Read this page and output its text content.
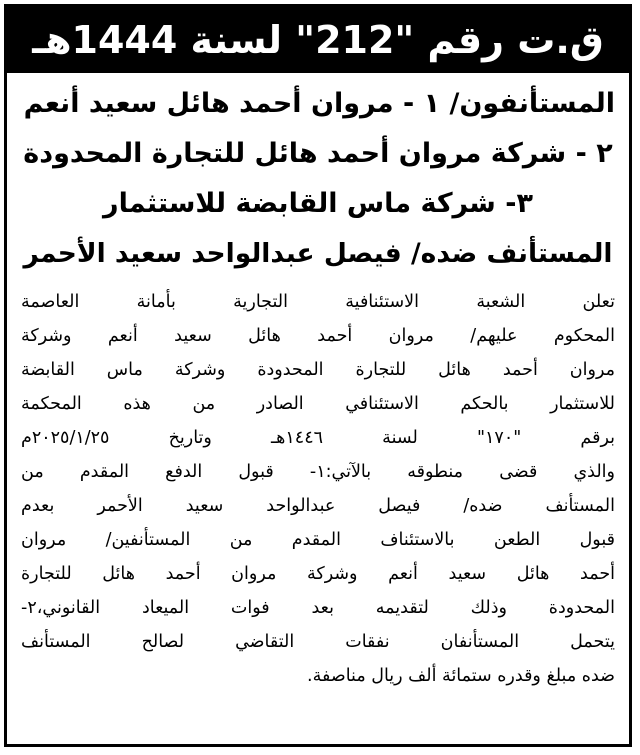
ق.ت رقم "212" لسنة 1444هـ
المستأنفون/ ١ - مروان أحمد هائل سعيد أنعم
٢ - شركة مروان أحمد هائل للتجارة المحدودة
٣- شركة ماس القابضة للاستثمار
المستأنف ضده/ فيصل عبدالواحد سعيد الأحمر
تعلن الشعبة الاستئنافية التجارية بأمانة العاصمة
المحكوم عليهم/ مروان أحمد هائل سعيد أنعم وشركة
مروان أحمد هائل للتجارة المحدودة وشركة ماس القابضة
للاستثمار بالحكم الاستئنافي الصادر من هذه المحكمة
برقم "١٧٠" لسنة ١٤٤٦هـ وتاريخ ٢٠٢٥/١/٢٥م
والذي قضى منطوقه بالآتي:١- قبول الدفع المقدم من
المستأنف ضده/ فيصل عبدالواحد سعيد الأحمر بعدم
قبول الطعن بالاستئناف المقدم من المستأنفين/ مروان
أحمد هائل سعيد أنعم وشركة مروان أحمد هائل للتجارة
المحدودة وذلك لتقديمه بعد فوات الميعاد القانوني،٢-
يتحمل المستأنفان نفقات التقاضي لصالح المستأنف
ضده مبلغ وقدره ستمائة ألف ريال مناصفة.
